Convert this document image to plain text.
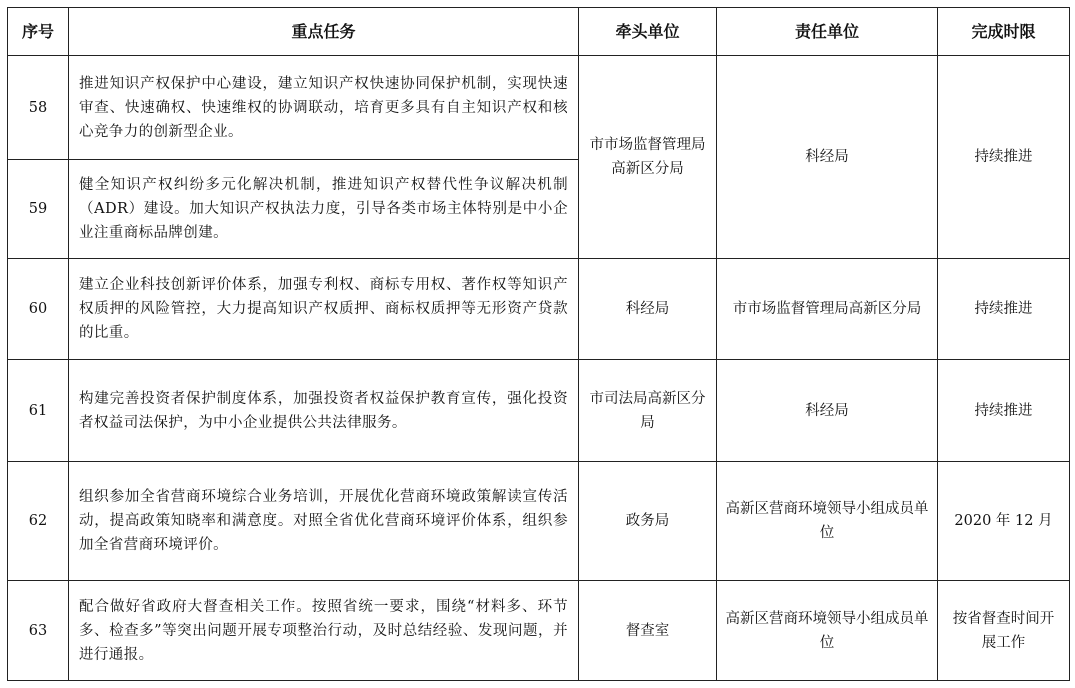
序号	重点任务	牵头单位	责任单位	完成时限
58	推进知识产权保护中心建设，建立知识产权快速协同保护机制，实现快速审查、快速确权、快速维权的协调联动，培育更多具有自主知识产权和核心竞争力的创新型企业。	市市场监督管理局高新区分局	科经局	持续推进
59	健全知识产权纠纷多元化解决机制，推进知识产权替代性争议解决机制（ADR）建设。加大知识产权执法力度，引导各类市场主体特别是中小企业注重商标品牌创建。			
60	建立企业科技创新评价体系，加强专利权、商标专用权、著作权等知识产权质押的风险管控，大力提高知识产权质押、商标权质押等无形资产贷款的比重。	科经局	市市场监督管理局高新区分局	持续推进
61	构建完善投资者保护制度体系，加强投资者权益保护教育宣传，强化投资者权益司法保护，为中小企业提供公共法律服务。	市司法局高新区分局	科经局	持续推进
62	组织参加全省营商环境综合业务培训，开展优化营商环境政策解读宣传活动，提高政策知晓率和满意度。对照全省优化营商环境评价体系，组织参加全省营商环境评价。	政务局	高新区营商环境领导小组成员单位	2020 年 12 月
63	配合做好省政府大督查相关工作。按照省统一要求，围绕“材料多、环节多、检查多”等突出问题开展专项整治行动，及时总结经验、发现问题，并进行通报。	督查室	高新区营商环境领导小组成员单位	按省督查时间开展工作
